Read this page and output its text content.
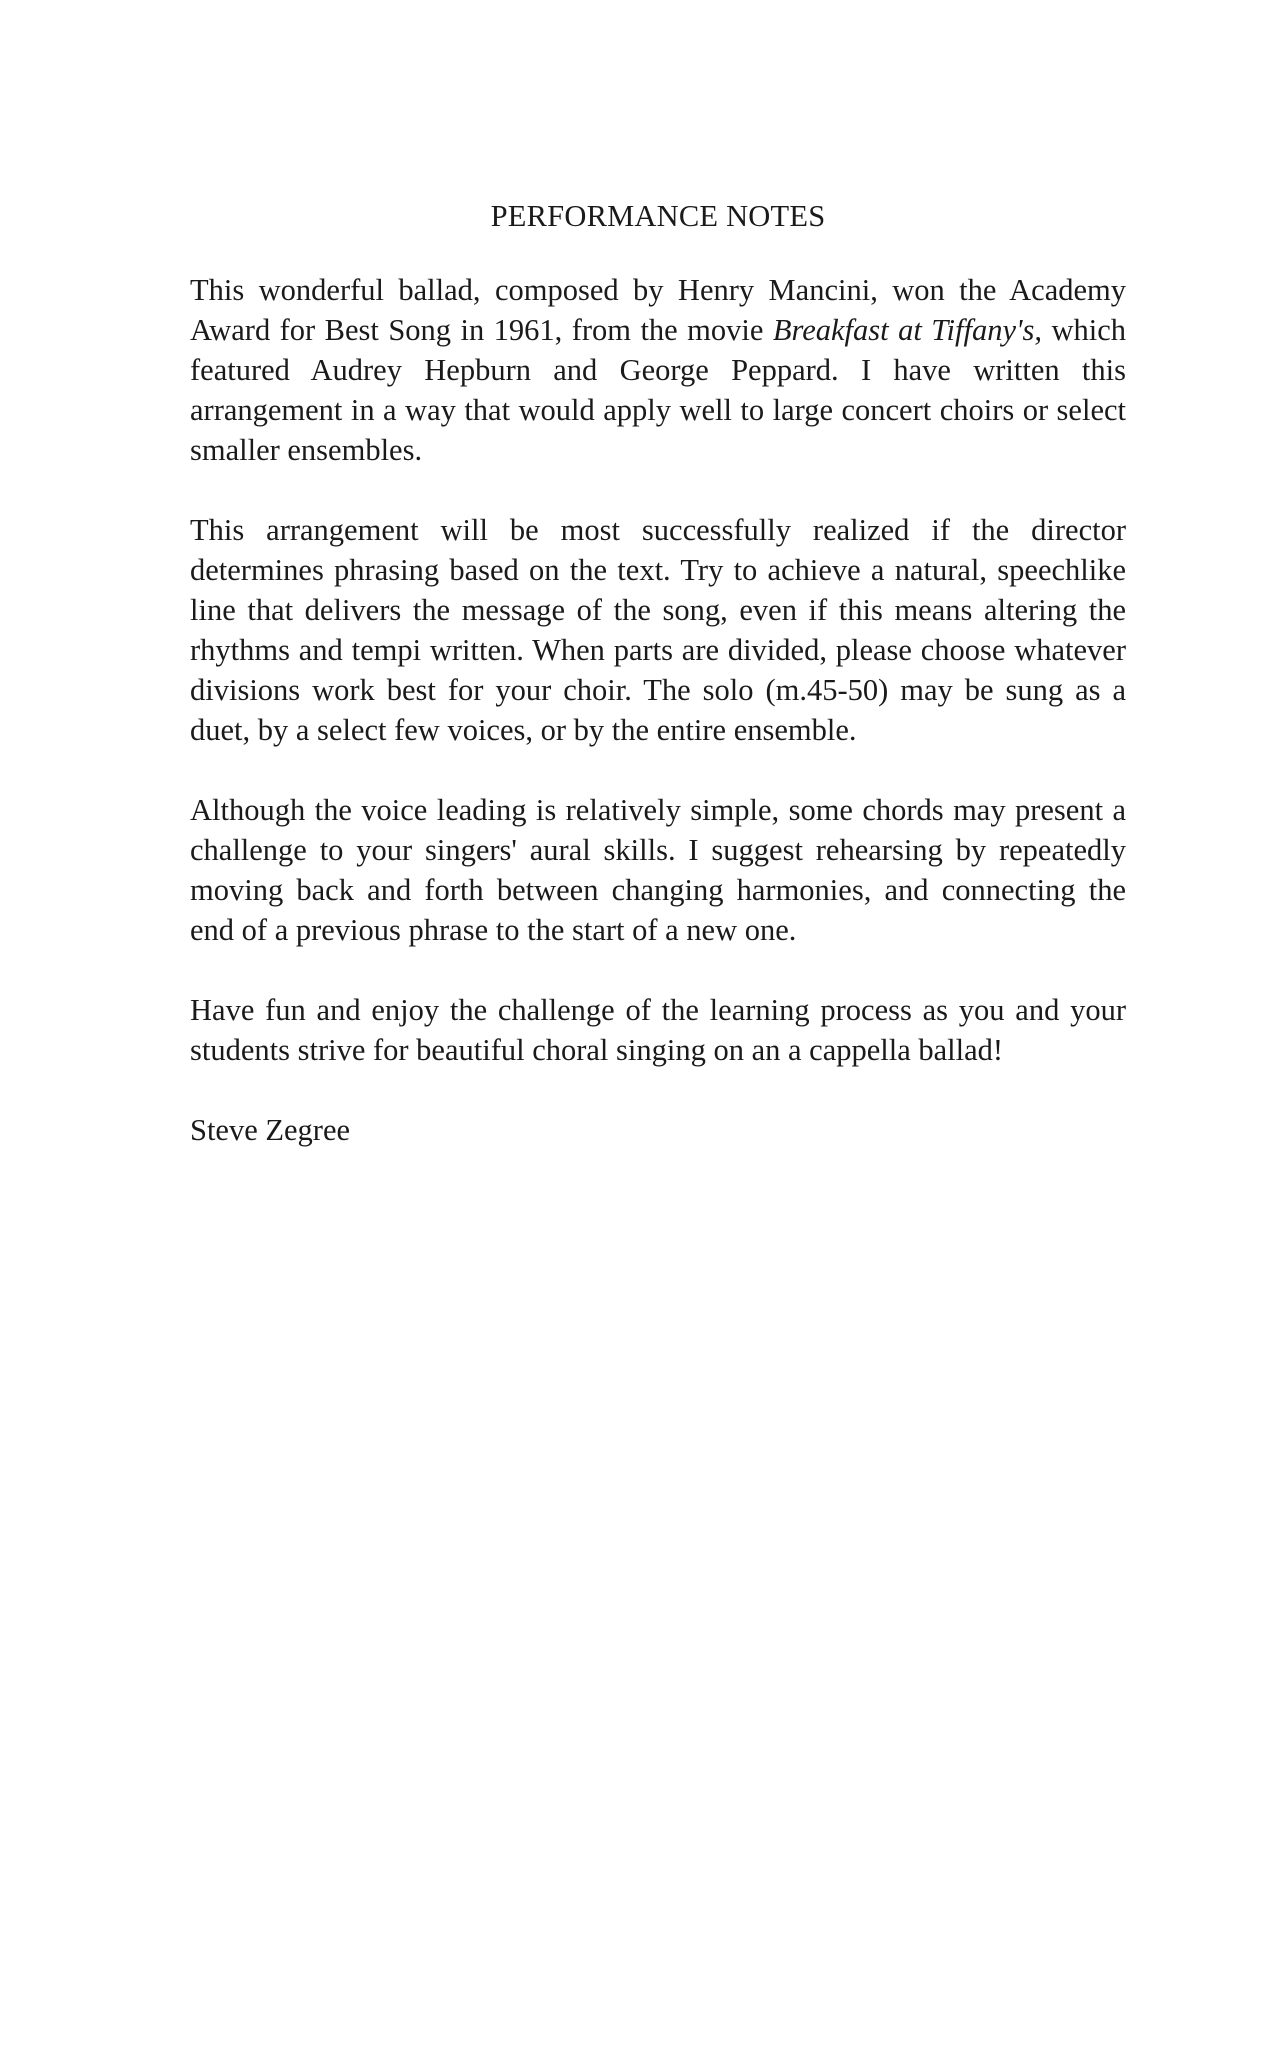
PERFORMANCE NOTES

This wonderful ballad, composed by Henry Mancini, won the Academy Award for Best Song in 1961, from the movie Breakfast at Tiffany's, which featured Audrey Hepburn and George Peppard. I have written this arrangement in a way that would apply well to large concert choirs or select smaller ensembles.

This arrangement will be most successfully realized if the director determines phrasing based on the text. Try to achieve a natural, speechlike line that delivers the message of the song, even if this means altering the rhythms and tempi written. When parts are divided, please choose whatever divisions work best for your choir. The solo (m.45-50) may be sung as a duet, by a select few voices, or by the entire ensemble.

Although the voice leading is relatively simple, some chords may present a challenge to your singers' aural skills. I suggest rehearsing by repeatedly moving back and forth between changing harmonies, and connecting the end of a previous phrase to the start of a new one.

Have fun and enjoy the challenge of the learning process as you and your students strive for beautiful choral singing on an a cappella ballad!

Steve Zegree
